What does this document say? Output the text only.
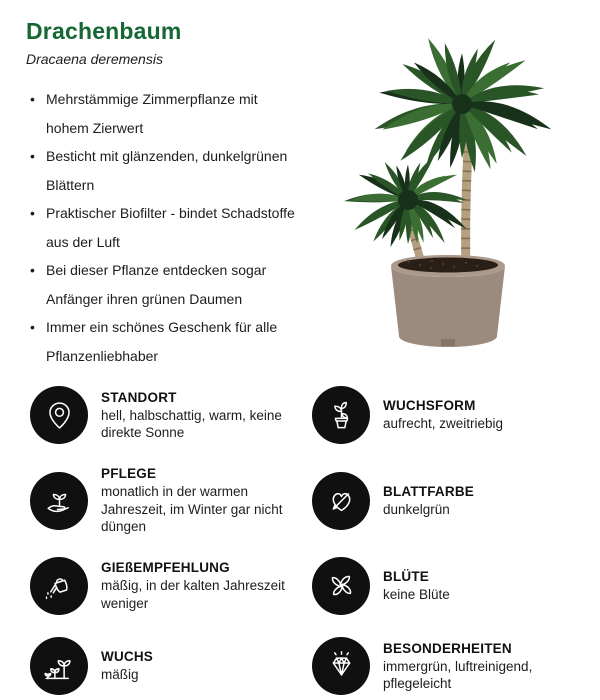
Drachenbaum
Dracaena deremensis
• Mehrstämmige Zimmerpflanze mit hohem Zierwert
• Besticht mit glänzenden, dunkelgrünen Blättern
• Praktischer Biofilter - bindet Schadstoffe aus der Luft
• Bei dieser Pflanze entdecken sogar Anfänger ihren grünen Daumen
• Immer ein schönes Geschenk für alle Pflanzenliebhaber
STANDORT
hell, halbschattig, warm, keine direkte Sonne
WUCHSFORM
aufrecht, zweitriebig
PFLEGE
monatlich in der warmen Jahreszeit, im Winter gar nicht düngen
BLATTFARBE
dunkelgrün
GIEßEMPFEHLUNG
mäßig, in der kalten Jahreszeit weniger
BLÜTE
keine Blüte
WUCHS
mäßig
BESONDERHEITEN
immergrün, luftreinigend, pflegeleicht
